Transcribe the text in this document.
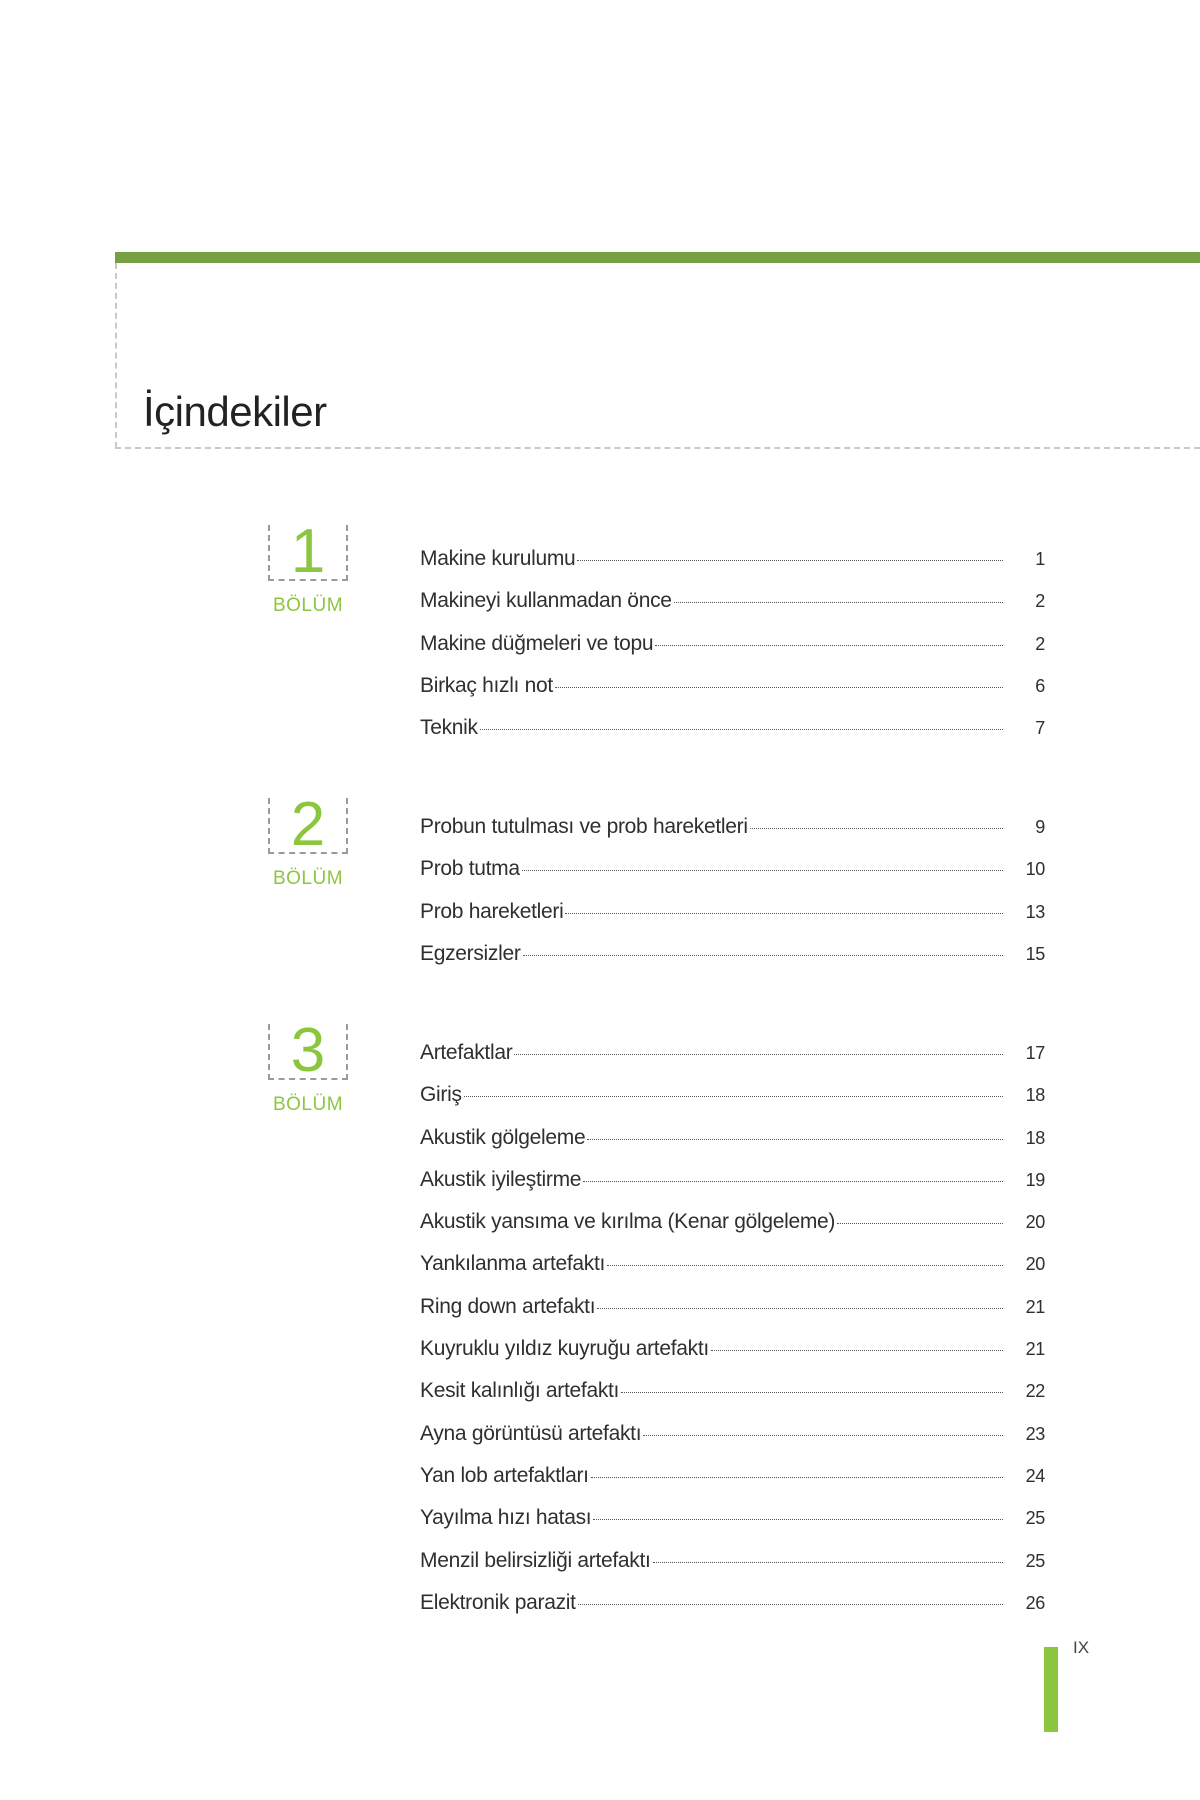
İçindekiler
1
BÖLÜM
Makine kurulumu	1
Makineyi kullanmadan önce	2
Makine düğmeleri ve topu	2
Birkaç hızlı not	6
Teknik	7
2
BÖLÜM
Probun tutulması ve prob hareketleri	9
Prob tutma	10
Prob hareketleri	13
Egzersizler	15
3
BÖLÜM
Artefaktlar	17
Giriş	18
Akustik gölgeleme	18
Akustik iyileştirme	19
Akustik yansıma ve kırılma (Kenar gölgeleme)	20
Yankılanma artefaktı	20
Ring down artefaktı	21
Kuyruklu yıldız kuyruğu artefaktı	21
Kesit kalınlığı artefaktı	22
Ayna görüntüsü artefaktı	23
Yan lob artefaktları	24
Yayılma hızı hatası	25
Menzil belirsizliği artefaktı	25
Elektronik parazit	26
IX
